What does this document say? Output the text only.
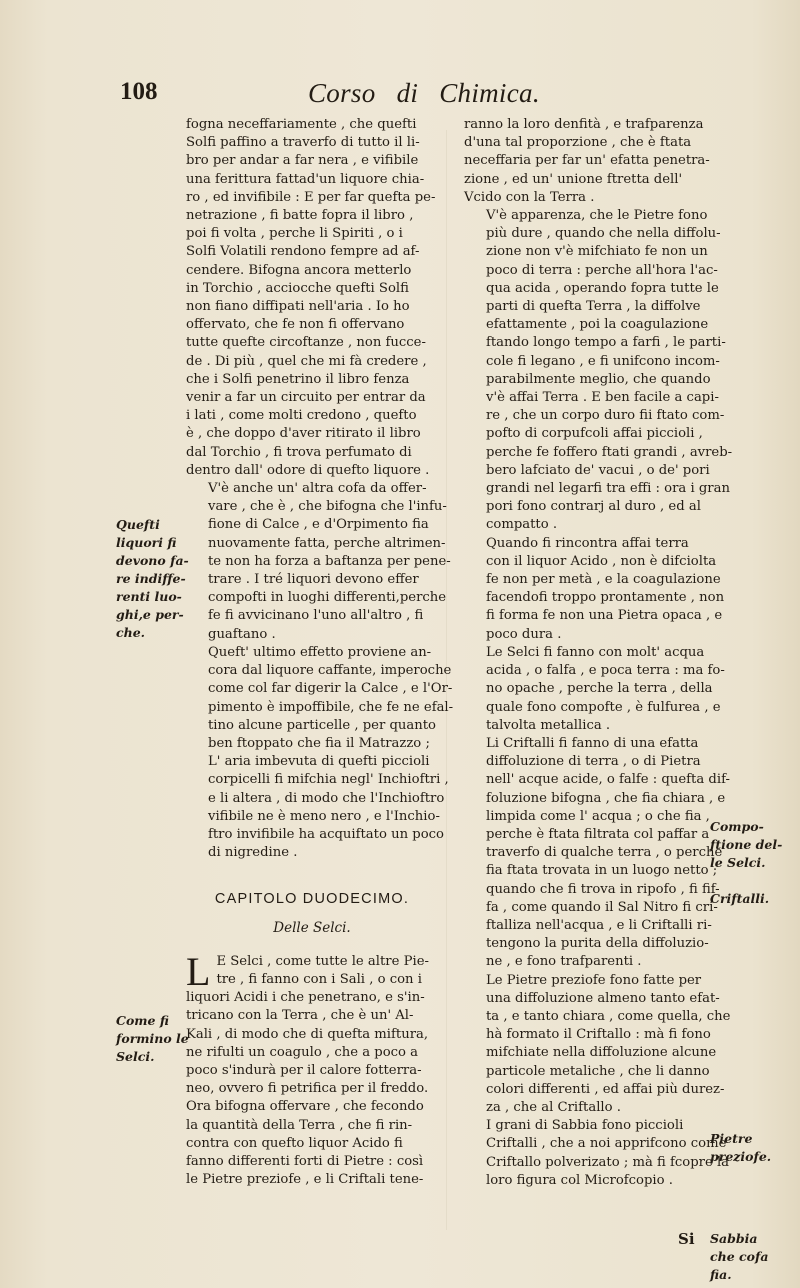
108	Corso di Chimica.

fogna neceffariamente , che quefti
Solfi paffino a traverfo di tutto il li-
bro per andar a far nera , e vifibile
una ferittura fattad'un liquore chia-
ro , ed invifibile : E per far quefta pe-
netrazione , fi batte fopra il libro ,
poi fi volta , perche li Spiriti , o i
Solfi Volatili rendono fempre ad af-
cendere. Bifogna ancora metterlo
in Torchio , acciocche quefti Solfi
non fiano diffipati nell'aria . Io ho
offervato, che fe non fi offervano
tutte quefte circoftanze , non fucce-
de . Di più , quel che mi fà credere ,
che i Solfi penetrino il libro fenza
venir a far un circuito per entrar da
i lati , come molti credono , quefto
è , che doppo d'aver ritirato il libro
dal Torchio , fi trova perfumato di
dentro dall' odore di quefto liquore .

V'è anche un' altra cofa da offer-
vare , che è , che bifogna che l'infu-
fione di Calce , e d'Orpimento fia
nuovamente fatta, perche altrimen-
te non ha forza a baftanza per pene-
trare . I tré liquori devono effer
compofti in luoghi differenti,perche
fe fi avvicinano l'uno all'altro , fi
guaftano .

Queft' ultimo effetto proviene an-
cora dal liquore caffante, imperoche
come col far digerir la Calce , e l'Or-
pimento è impoffibile, che fe ne efal-
tino alcune particelle , per quanto
ben ftoppato che fia il Matrazzo ;
L' aria imbevuta di quefti piccioli
corpicelli fi mifchia negl' Inchioftri ,
e li altera , di modo che l'Inchioftro
vifibile ne è meno nero , e l'Inchio-
ftro invifibile ha acquiftato un poco
di nigredine .

CAPITOLO DUODECIMO.
Delle Selci.

L E Selci , come tutte le altre Pie-
tre , fi fanno con i Sali , o con i
liquori Acidi i che penetrano, e s'in-
tricano con la Terra , che è un' Al-
Kali , di modo che di quefta miftura,
ne rifulti un coagulo , che a poco a
poco s'indurà per il calore fotterra-
neo, ovvero fi petrifica per il freddo.
Ora bifogna offervare , che fecondo
la quantità della Terra , che fi rin-
contra con quefto liquor Acido fi
fanno differenti forti di Pietre : così
le Pietre preziofe , e li Criftali tene-

ranno la loro denfità , e trafparenza
d'una tal proporzione , che è ftata
neceffaria per far un' efatta penetra-
zione , ed un' unione ftretta dell'
Vcido con la Terra .

V'è apparenza, che le Pietre fono
più dure , quando che nella diffolu-
zione non v'è mifchiato fe non un
poco di terra : perche all'hora l'ac-
qua acida , operando fopra tutte le
parti di quefta Terra , la diffolve
efattamente , poi la coagulazione
ftando longo tempo a farfi , le parti-
cole fi legano , e fi unifcono incom-
parabilmente meglio, che quando
v'è affai Terra . E ben facile a capi-
re , che un corpo duro fii ftato com-
pofto di corpufcoli affai piccioli ,
perche fe foffero ftati grandi , avreb-
bero lafciato de' vacui , o de' pori
grandi nel legarfi tra effi : ora i gran
pori fono contrarj al duro , ed al
compatto .

Quando fi rincontra affai terra
con il liquor Acido , non è difciolta
fe non per metà , e la coagulazione
facendofi troppo prontamente , non
fi forma fe non una Pietra opaca , e
poco dura .

Le Selci fi fanno con molt' acqua
acida , o falfa , e poca terra : ma fo-
no opache , perche la terra , della
quale fono compofte , è fulfurea , e
talvolta metallica .

Li Criftalli fi fanno di una efatta
diffoluzione di terra , o di Pietra
nell' acque acide, o falfe : quefta dif-
foluzione bifogna , che fia chiara , e
limpida come l' acqua ; o che fia ,
perche è ftata filtrata col paffar a
traverfo di qualche terra , o perche
fia ftata trovata in un luogo netto ;
quando che fi trova in ripofo , fi fif-
fa , come quando il Sal Nitro fi cri-
ftalliza nell'acqua , e li Criftalli ri-
tengono la purita della diffoluzio-
ne , e fono trafparenti .

Le Pietre preziofe fono fatte per
una diffoluzione almeno tanto efat-
ta , e tanto chiara , come quella, che
hà formato il Criftallo : mà fi fono
mifchiate nella diffoluzione alcune
particole metaliche , che li danno
colori differenti , ed affai più durez-
za , che al Criftallo .

I grani di Sabbia fono piccioli
Criftalli , che a noi apprifcono come
Criftallo polverizato ; mà fi fcopre la
loro figura col Microfcopio .

Quefti
liquori fi
devono fa-
re indiffe-
renti luo-
ghi,e per-
che.
Come fi
formino le
Selci.
Compo-
ftione del-
le Selci.
Criftalli.
Pietre
preziofe.
Sabbia
che cofa
fia.
Si
